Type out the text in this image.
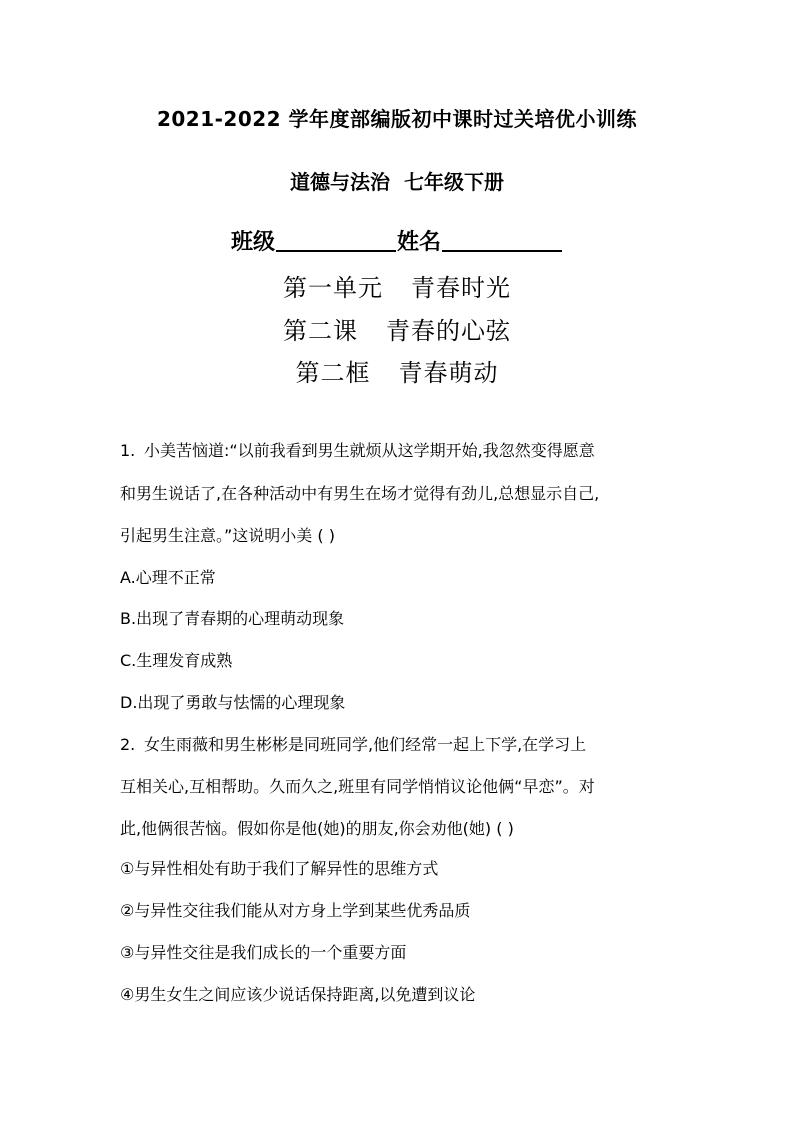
2021-2022 学年度部编版初中课时过关培优小训练
道德与法治 七年级下册
班级	姓名
第一单元 青春时光
第二课 青春的心弦
第二框 青春萌动
1. 小美苦恼道:“以前我看到男生就烦从这学期开始,我忽然变得愿意
和男生说话了,在各种活动中有男生在场才觉得有劲儿,总想显示自己,
引起男生注意。”这说明小美 ( )
A.心理不正常
B.出现了青春期的心理萌动现象
C.生理发育成熟
D.出现了勇敢与怯懦的心理现象
2. 女生雨薇和男生彬彬是同班同学,他们经常一起上下学,在学习上
互相关心,互相帮助。久而久之,班里有同学悄悄议论他俩“早恋”。对
此,他俩很苦恼。假如你是他(她)的朋友,你会劝他(她) ( )
①与异性相处有助于我们了解异性的思维方式
②与异性交往我们能从对方身上学到某些优秀品质
③与异性交往是我们成长的一个重要方面
④男生女生之间应该少说话保持距离,以免遭到议论
